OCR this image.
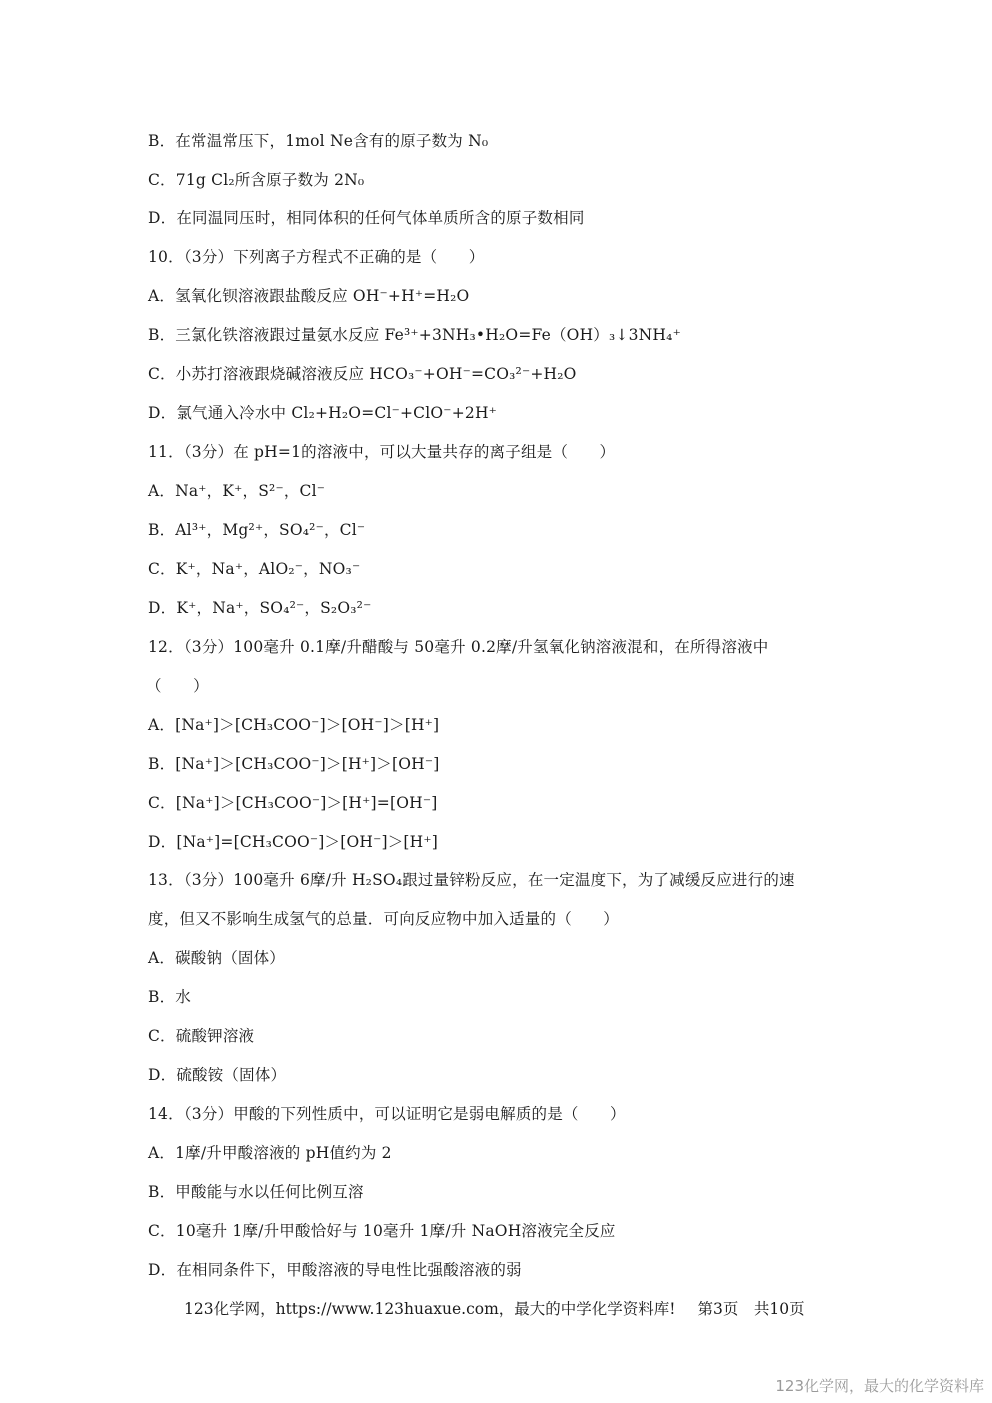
B．在常温常压下，1mol Ne含有的原子数为 N₀
C．71g Cl₂所含原子数为 2N₀
D．在同温同压时，相同体积的任何气体单质所含的原子数相同
10．（3分）下列离子方程式不正确的是（　　）
A．氢氧化钡溶液跟盐酸反应 OH⁻+H⁺=H₂O
B．三氯化铁溶液跟过量氨水反应 Fe³⁺+3NH₃•H₂O=Fe（OH）₃↓3NH₄⁺
C．小苏打溶液跟烧碱溶液反应 HCO₃⁻+OH⁻=CO₃²⁻+H₂O
D．氯气通入冷水中 Cl₂+H₂O=Cl⁻+ClO⁻+2H⁺
11．（3分）在 pH=1的溶液中，可以大量共存的离子组是（　　）
A．Na⁺，K⁺，S²⁻，Cl⁻
B．Al³⁺，Mg²⁺，SO₄²⁻，Cl⁻
C．K⁺，Na⁺，AlO₂⁻，NO₃⁻
D．K⁺，Na⁺，SO₄²⁻，S₂O₃²⁻
12．（3分）100毫升 0.1摩/升醋酸与 50毫升 0.2摩/升氢氧化钠溶液混和，在所得溶液中
（　　）
A．[Na⁺]＞[CH₃COO⁻]＞[OH⁻]＞[H⁺]
B．[Na⁺]＞[CH₃COO⁻]＞[H⁺]＞[OH⁻]
C．[Na⁺]＞[CH₃COO⁻]＞[H⁺]=[OH⁻]
D．[Na⁺]=[CH₃COO⁻]＞[OH⁻]＞[H⁺]
13．（3分）100毫升 6摩/升 H₂SO₄跟过量锌粉反应，在一定温度下，为了减缓反应进行的速
度，但又不影响生成氢气的总量．可向反应物中加入适量的（　　）
A．碳酸钠（固体）
B．水
C．硫酸钾溶液
D．硫酸铵（固体）
14．（3分）甲酸的下列性质中，可以证明它是弱电解质的是（　　）
A．1摩/升甲酸溶液的 pH值约为 2
B．甲酸能与水以任何比例互溶
C．10毫升 1摩/升甲酸恰好与 10毫升 1摩/升 NaOH溶液完全反应
D．在相同条件下，甲酸溶液的导电性比强酸溶液的弱
123化学网，https://www.123huaxue.com，最大的中学化学资料库! 第3页　共10页
123化学网，最大的化学资料库
